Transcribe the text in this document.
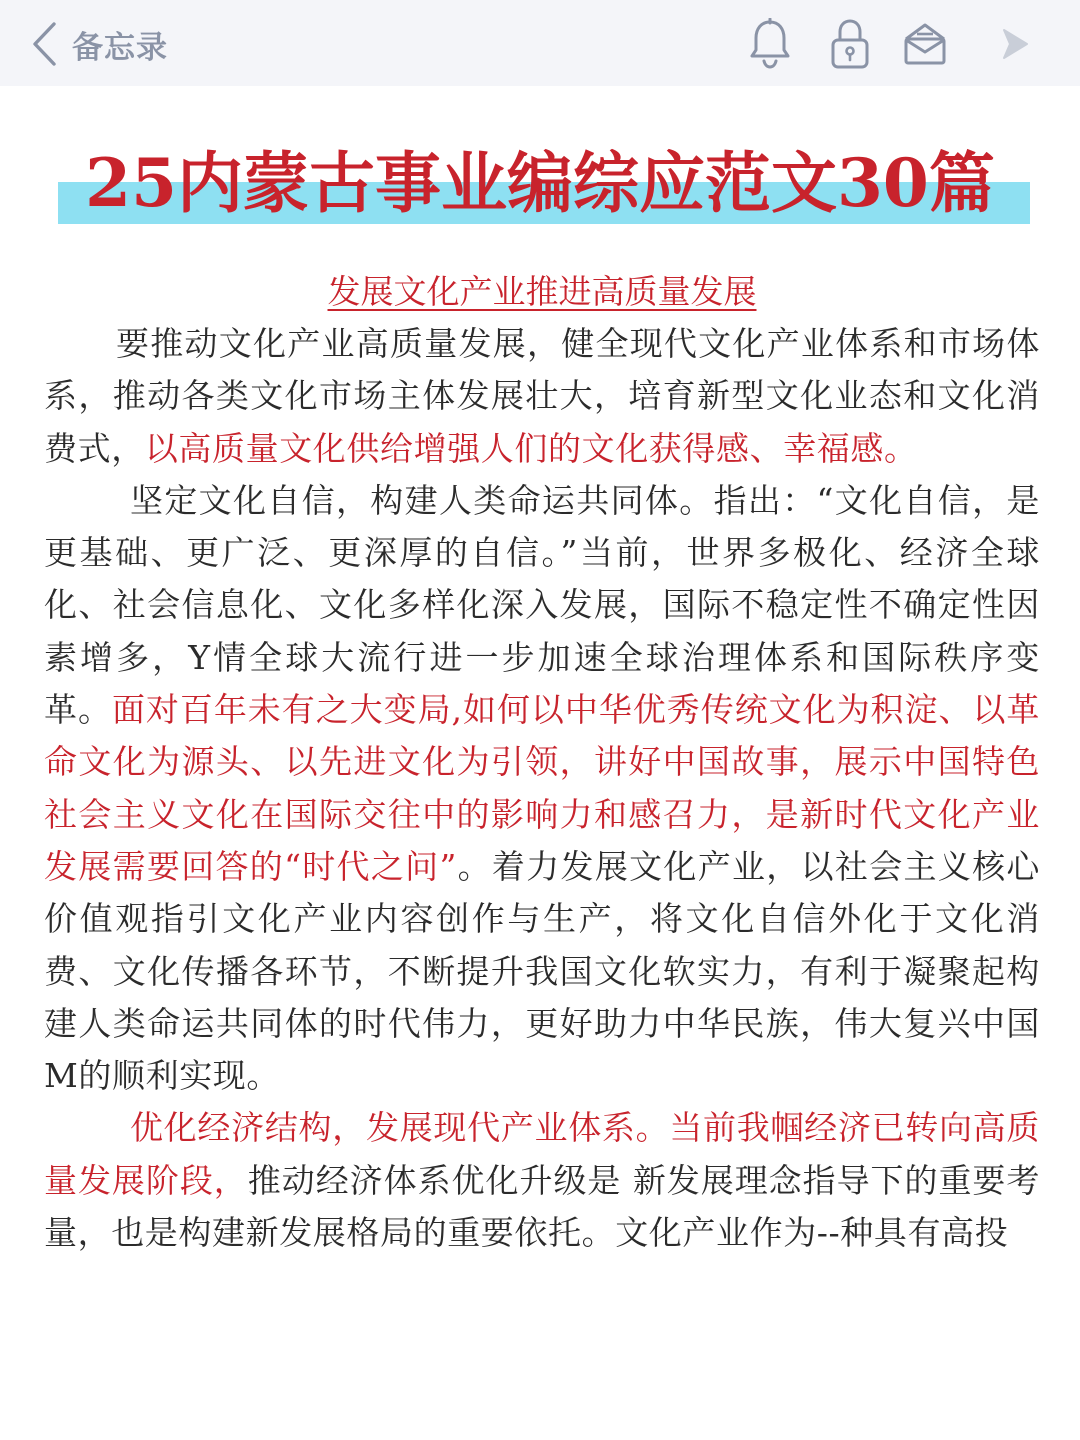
备忘录
25内蒙古事业编综应范文30篇
发展文化产业推进高质量发展
要推动文化产业高质量发展，健全现代文化产业体系和市场体系，推动各类文化市场主体发展壮大，培育新型文化业态和文化消费式，以高质量文化供给增强人们的文化获得感、幸福感。
坚定文化自信，构建人类命运共同体。指出：“文化自信，是更基础、更广泛、更深厚的自信。”当前，世界多极化、经济全球化、社会信息化、文化多样化深入发展，国际不稳定性不确定性因素增多，Y情全球大流行进一步加速全球治理体系和国际秩序变革。面对百年未有之大变局,如何以中华优秀传统文化为积淀、以革命文化为源头、以先进文化为引领，讲好中国故事，展示中国特色社会主义文化在国际交往中的影响力和感召力，是新时代文化产业发展需要回答的“时代之问”。着力发展文化产业，以社会主义核心价值观指引文化产业内容创作与生产，将文化自信外化于文化消费、文化传播各环节，不断提升我国文化软实力，有利于凝聚起构建人类命运共同体的时代伟力，更好助力中华民族，伟大复兴中国M的顺利实现。
优化经济结构，发展现代产业体系。当前我帼经济已转向高质量发展阶段，推动经济体系优化升级是 新发展理念指导下的重要考量，也是构建新发展格局的重要依托。文化产业作为--种具有高投
